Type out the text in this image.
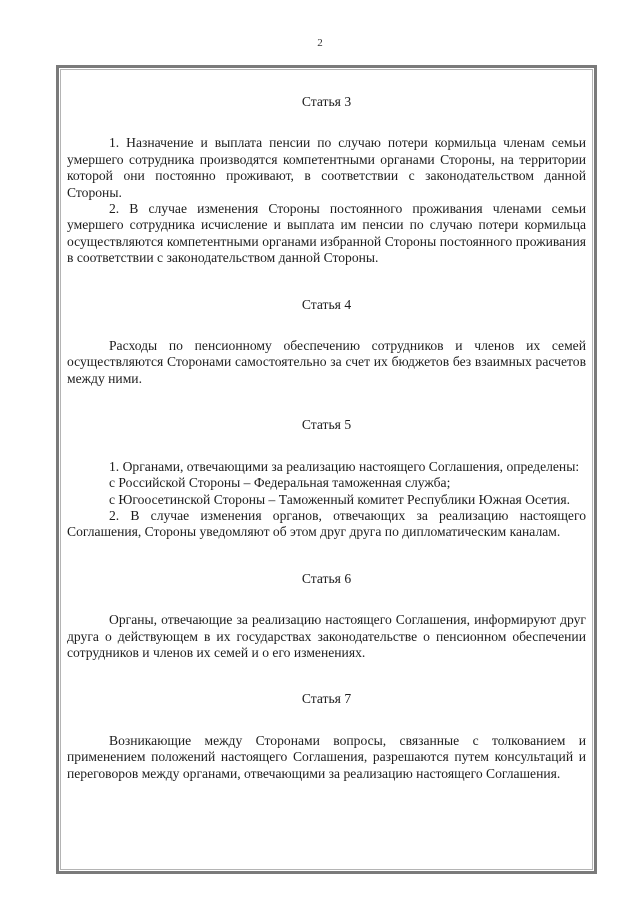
2

Статья 3

1. Назначение и выплата пенсии по случаю потери кормильца членам семьи умершего сотрудника производятся компетентными органами Стороны, на территории которой они постоянно проживают, в соответствии с законодательством данной Стороны.

2. В случае изменения Стороны постоянного проживания членами семьи умершего сотрудника исчисление и выплата им пенсии по случаю потери кормильца осуществляются компетентными органами избранной Стороны постоянного проживания в соответствии с законодательством данной Стороны.

Статья 4

Расходы по пенсионному обеспечению сотрудников и членов их семей осуществляются Сторонами самостоятельно за счет их бюджетов без взаимных расчетов между ними.

Статья 5

1. Органами, отвечающими за реализацию настоящего Соглашения, определены:

с Российской Стороны – Федеральная таможенная служба;

с Югоосетинской Стороны – Таможенный комитет Республики Южная Осетия.

2. В случае изменения органов, отвечающих за реализацию настоящего Соглашения, Стороны уведомляют об этом друг друга по дипломатическим каналам.

Статья 6

Органы, отвечающие за реализацию настоящего Соглашения, информируют друг друга о действующем в их государствах законодательстве о пенсионном обеспечении сотрудников и членов их семей и о его изменениях.

Статья 7

Возникающие между Сторонами вопросы, связанные с толкованием и применением положений настоящего Соглашения, разрешаются путем консультаций и переговоров между органами, отвечающими за реализацию настоящего Соглашения.
